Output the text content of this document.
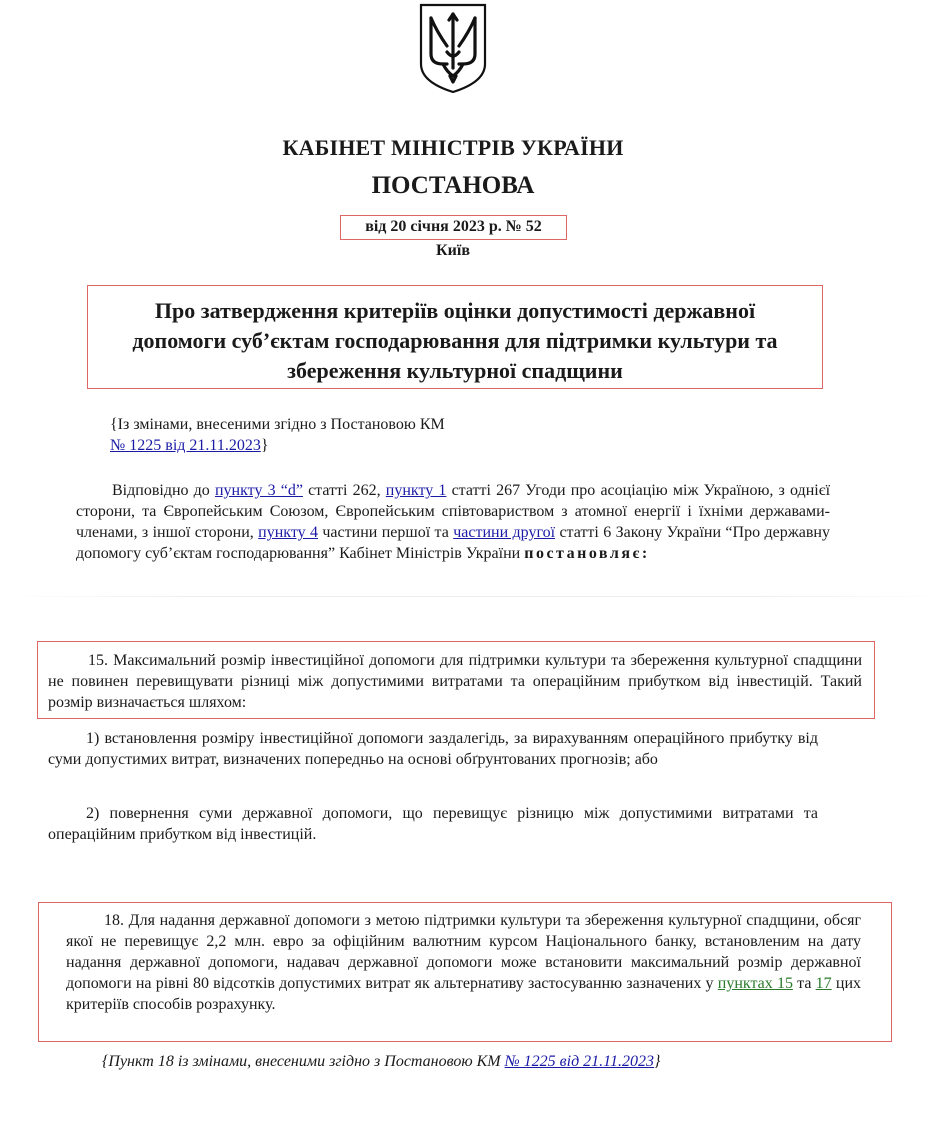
КАБІНЕТ МІНІСТРІВ УКРАЇНИ
ПОСТАНОВА
від 20 січня 2023 р. № 52
Київ
Про затвердження критеріїв оцінки допустимості державної допомоги суб’єктам господарювання для підтримки культури та збереження культурної спадщини
{Із змінами, внесеними згідно з Постановою КМ
№ 1225 від 21.11.2023}
Відповідно до пункту 3 “d” статті 262, пункту 1 статті 267 Угоди про асоціацію між Україною, з однієї сторони, та Європейським Союзом, Європейським співтовариством з атомної енергії і їхніми державами-членами, з іншої сторони, пункту 4 частини першої та частини другої статті 6 Закону України “Про державну допомогу суб’єктам господарювання” Кабінет Міністрів України постановляє:
15. Максимальний розмір інвестиційної допомоги для підтримки культури та збереження культурної спадщини не повинен перевищувати різниці між допустимими витратами та операційним прибутком від інвестицій. Такий розмір визначається шляхом:
1) встановлення розміру інвестиційної допомоги заздалегідь, за вирахуванням операційного прибутку від суми допустимих витрат, визначених попередньо на основі обґрунтованих прогнозів; або
2) повернення суми державної допомоги, що перевищує різницю між допустимими витратами та операційним прибутком від інвестицій.
18. Для надання державної допомоги з метою підтримки культури та збереження культурної спадщини, обсяг якої не перевищує 2,2 млн. евро за офіційним валютним курсом Національного банку, встановленим на дату надання державної допомоги, надавач державної допомоги може встановити максимальний розмір державної допомоги на рівні 80 відсотків допустимих витрат як альтернативу застосуванню зазначених у пунктах 15 та 17 цих критеріїв способів розрахунку.
{Пункт 18 із змінами, внесеними згідно з Постановою КМ № 1225 від 21.11.2023}
